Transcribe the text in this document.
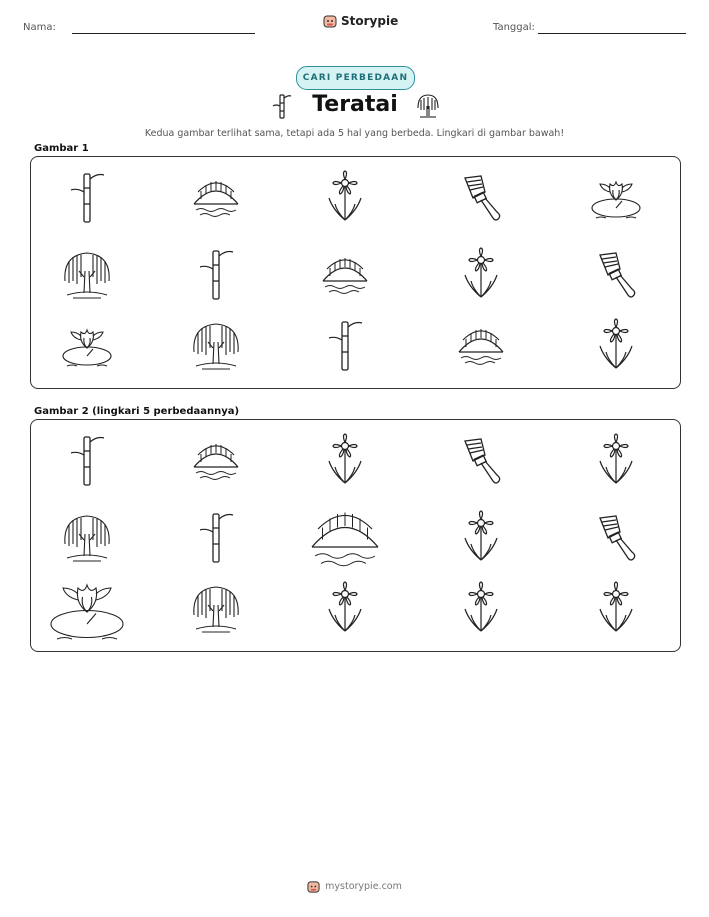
Nama:	Storypie	Tanggal:
CARI PERBEDAAN
Teratai
Kedua gambar terlihat sama, tetapi ada 5 hal yang berbeda. Lingkari di gambar bawah!
Gambar 1
Gambar 2 (lingkari 5 perbedaannya)
mystorypie.com
